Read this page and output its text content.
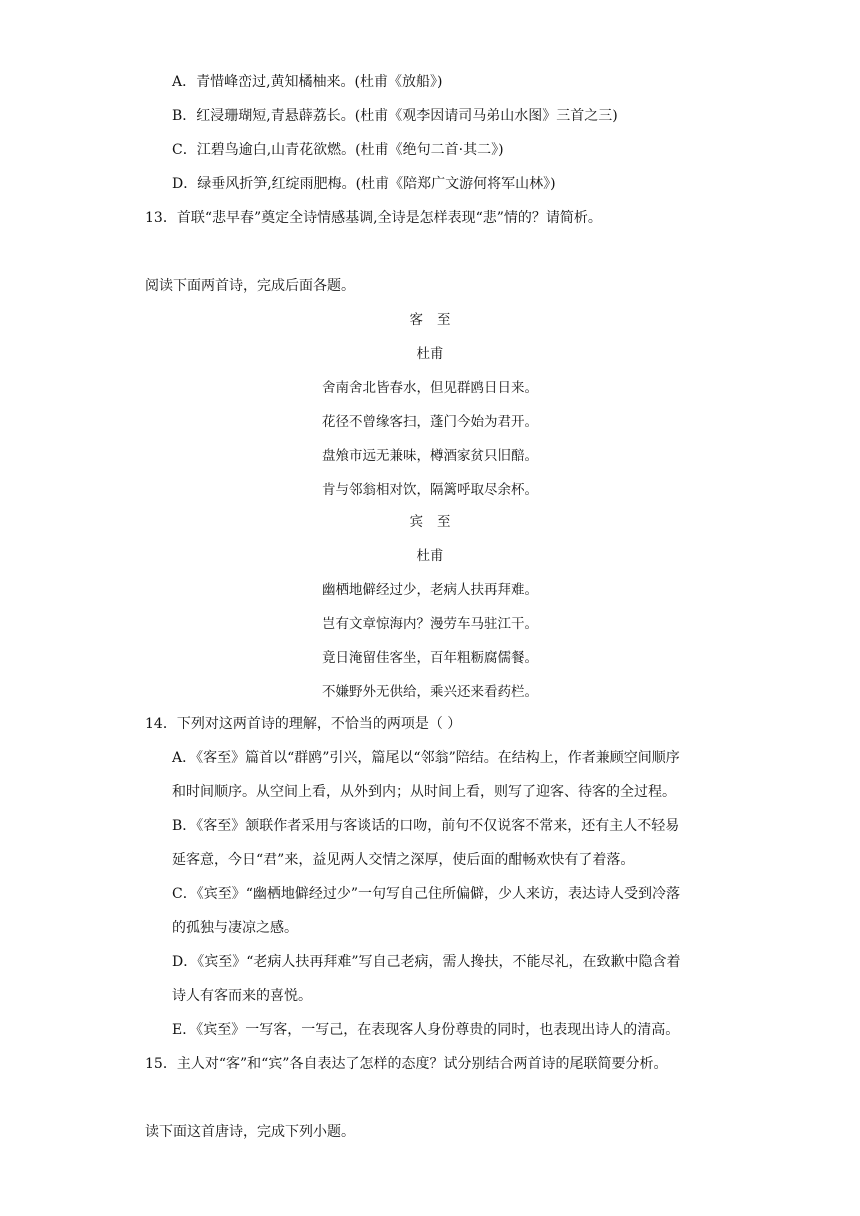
A．青惜峰峦过,黄知橘柚来。(杜甫《放船》)
B．红浸珊瑚短,青悬薜荔长。(杜甫《观李因请司马弟山水图》三首之三)
C．江碧鸟逾白,山青花欲燃。(杜甫《绝句二首·其二》)
D．绿垂风折笋,红绽雨肥梅。(杜甫《陪郑广文游何将军山林》)
13．首联“悲早春”奠定全诗情感基调,全诗是怎样表现“悲”情的？请简析。
阅读下面两首诗，完成后面各题。
客至
杜甫
舍南舍北皆春水，但见群鸥日日来。
花径不曾缘客扫，蓬门今始为君开。
盘飧市远无兼味，樽酒家贫只旧醅。
肯与邻翁相对饮，隔篱呼取尽余杯。
宾至
杜甫
幽栖地僻经过少，老病人扶再拜难。
岂有文章惊海内？漫劳车马驻江干。
竟日淹留佳客坐，百年粗粝腐儒餐。
不嫌野外无供给，乘兴还来看药栏。
14．下列对这两首诗的理解，不恰当的两项是（ ）
A．《客至》篇首以“群鸥”引兴，篇尾以“邻翁”陪结。在结构上，作者兼顾空间顺序
和时间顺序。从空间上看，从外到内；从时间上看，则写了迎客、待客的全过程。
B．《客至》颔联作者采用与客谈话的口吻，前句不仅说客不常来，还有主人不轻易
延客意，今日“君”来，益见两人交情之深厚，使后面的酣畅欢快有了着落。
C．《宾至》“幽栖地僻经过少”一句写自己住所偏僻，少人来访，表达诗人受到冷落
的孤独与凄凉之感。
D．《宾至》“老病人扶再拜难”写自己老病，需人搀扶，不能尽礼，在致歉中隐含着
诗人有客而来的喜悦。
E．《宾至》一写客，一写己，在表现客人身份尊贵的同时，也表现出诗人的清高。
15．主人对“客”和“宾”各自表达了怎样的态度？试分别结合两首诗的尾联简要分析。
读下面这首唐诗，完成下列小题。
